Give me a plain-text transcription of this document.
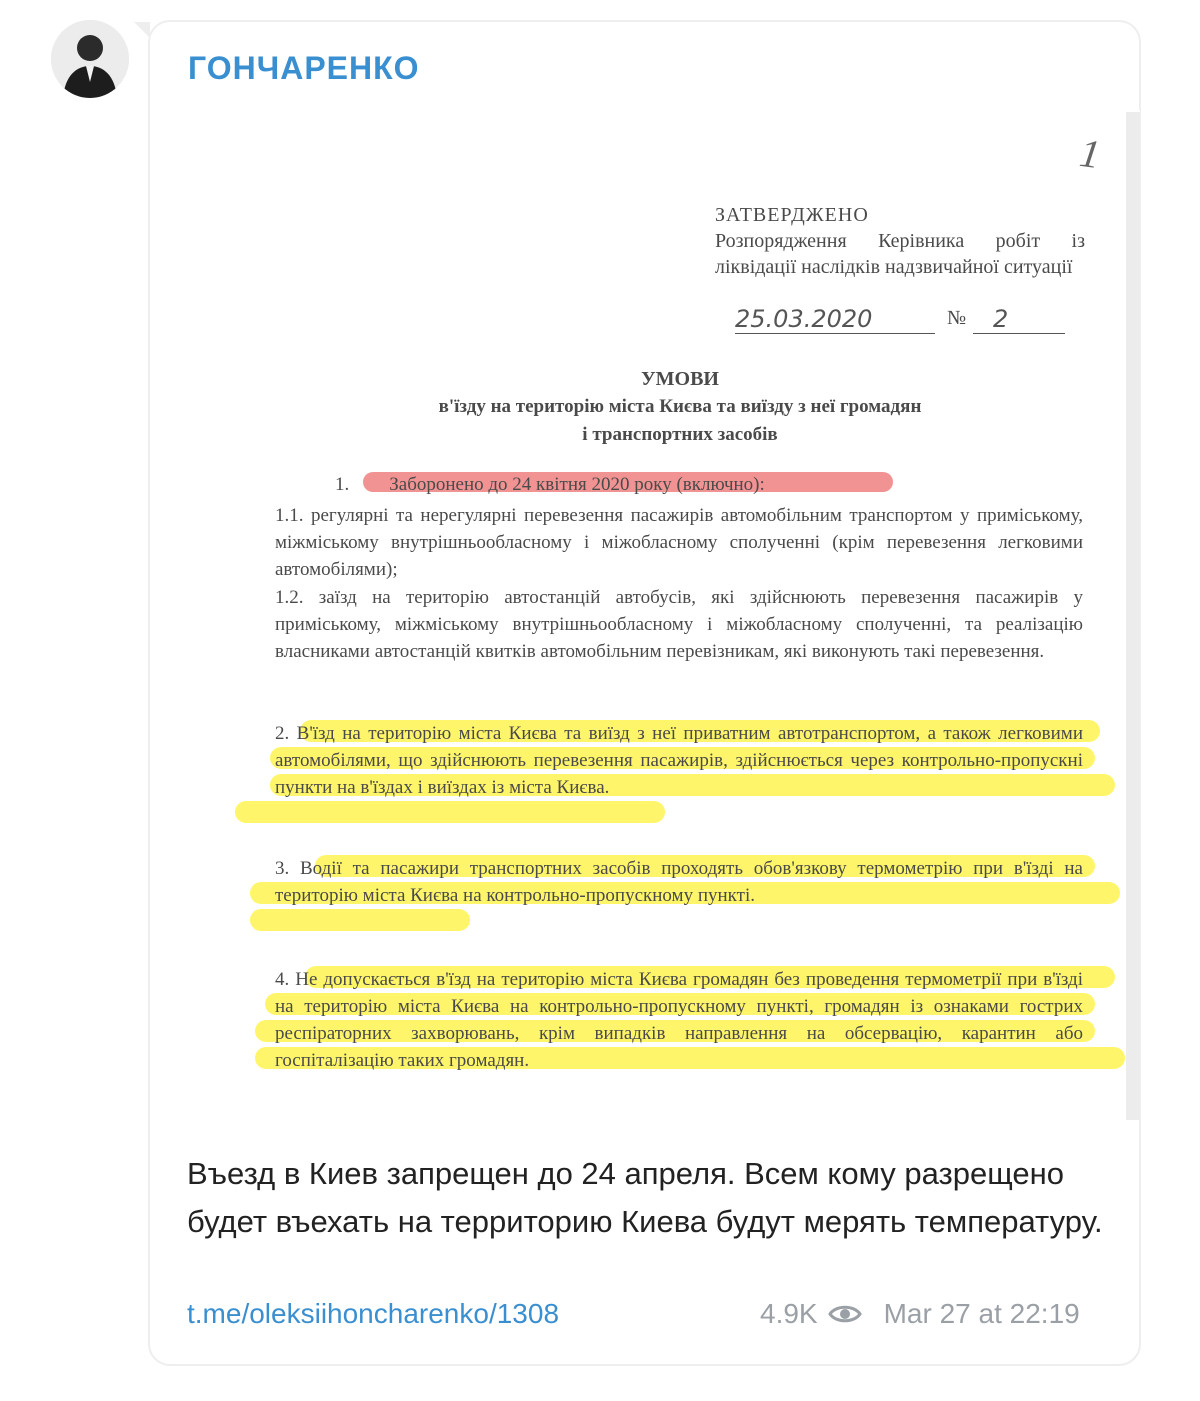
ГОНЧАРЕНКО
1
ЗАТВЕРДЖЕНО
Розпорядження Керівника робіт із ліквідації наслідків надзвичайної ситуації
25.03.2020	№	2
УМОВИ
в'їзду на територію міста Києва та виїзду з неї громадян
і транспортних засобів
1. Заборонено до 24 квітня 2020 року (включно):
1.1. регулярні та нерегулярні перевезення пасажирів автомобільним транспортом у приміському, міжміському внутрішньообласному і міжобласному сполученні (крім перевезення легковими автомобілями);
1.2. заїзд на територію автостанцій автобусів, які здійснюють перевезення пасажирів у приміському, міжміському внутрішньообласному і міжобласному сполученні, та реалізацію власниками автостанцій квитків автомобільним перевізникам, які виконують такі перевезення.
2. В'їзд на територію міста Києва та виїзд з неї приватним автотранспортом, а також легковими автомобілями, що здійснюють перевезення пасажирів, здійснюється через контрольно-пропускні пункти на в'їздах і виїздах із міста Києва.
3. Водії та пасажири транспортних засобів проходять обов'язкову термометрію при в'їзді на територію міста Києва на контрольно-пропускному пункті.
4. Не допускається в'їзд на територію міста Києва громадян без проведення термометрії при в'їзді на територію міста Києва на контрольно-пропускному пункті, громадян із ознаками гострих респіраторних захворювань, крім випадків направлення на обсервацію, карантин або госпіталізацію таких громадян.
Въезд в Киев запрещен до 24 апреля. Всем кому разрещено будет въехать на территорию Киева будут мерять температуру.
t.me/oleksiihoncharenko/1308	4.9K Mar 27 at 22:19
